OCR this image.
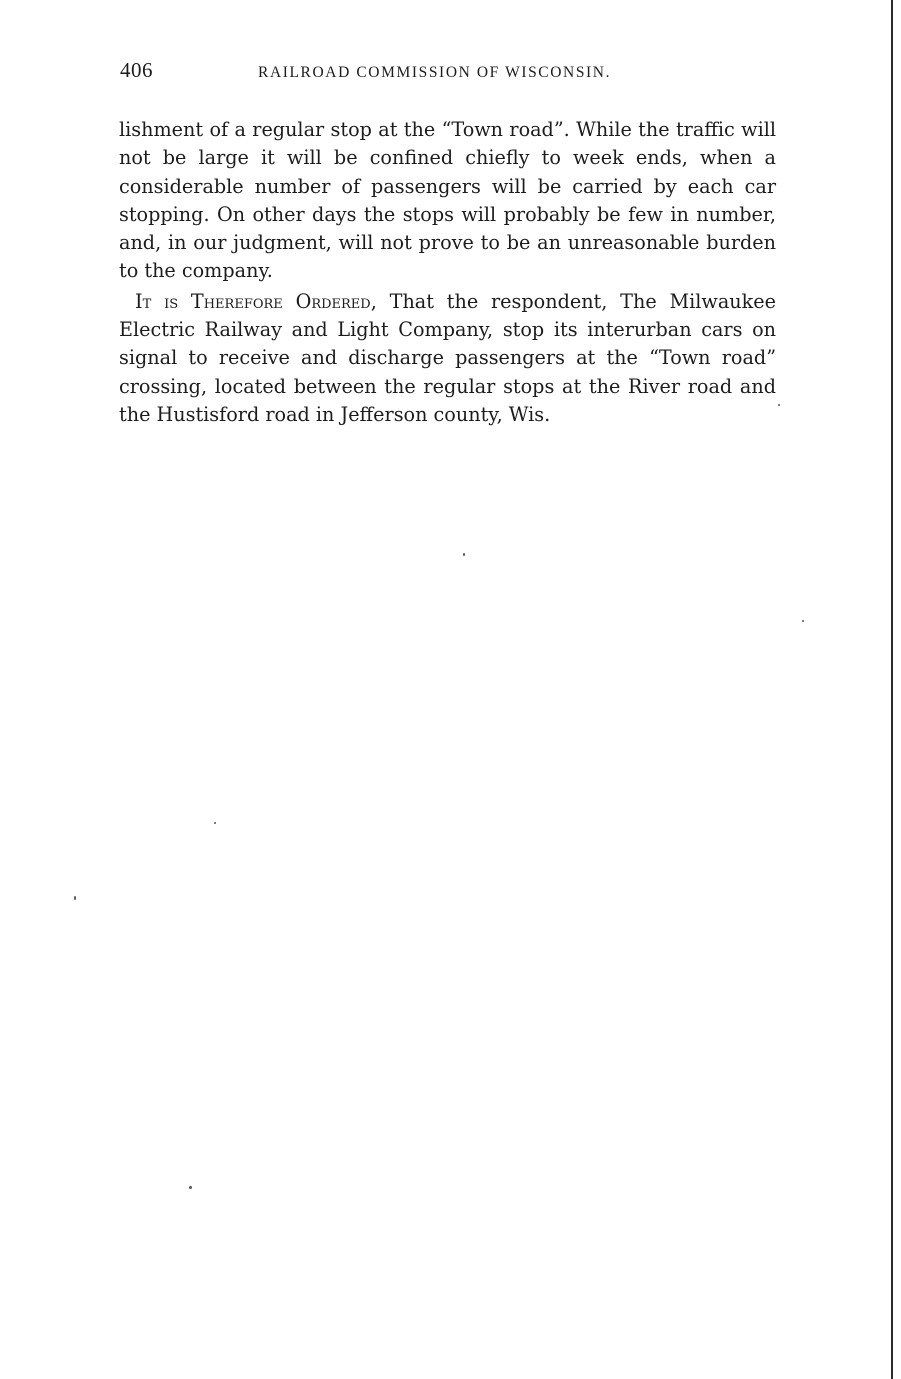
406	RAILROAD COMMISSION OF WISCONSIN.

lishment of a regular stop at the “Town road”. While the traffic will not be large it will be confined chiefly to week ends, when a considerable number of passengers will be carried by each car stopping. On other days the stops will probably be few in number, and, in our judgment, will not prove to be an unreasonable burden to the company.

It is Therefore Ordered, That the respondent, The Milwaukee Electric Railway and Light Company, stop its interurban cars on signal to receive and discharge passengers at the “Town road” crossing, located between the regular stops at the River road and the Hustisford road in Jefferson county, Wis.
